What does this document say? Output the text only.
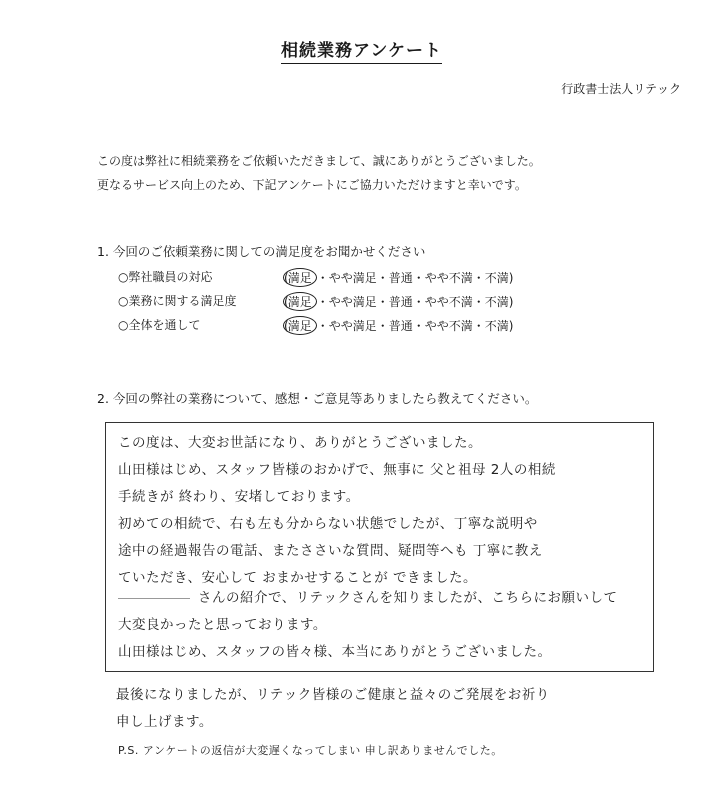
相続業務アンケート
行政書士法人リテック
この度は弊社に相続業務をご依頼いただきまして、誠にありがとうございました。
更なるサービス向上のため、下記アンケートにご協力いただけますと幸いです。
1. 今回のご依頼業務に関しての満足度をお聞かせください
○弊社職員の対応	(満足 ・やや満足・普通・やや不満・不満)
○業務に関する満足度	(満足 ・やや満足・普通・やや不満・不満)
○全体を通して	(満足 ・やや満足・普通・やや不満・不満)
2. 今回の弊社の業務について、感想・ご意見等ありましたら教えてください。
この度は、大変お世話になり、ありがとうございました。
山田様はじめ、スタッフ皆様のおかげで、無事に 父と祖母 2人の相続
手続きが 終わり、安堵しております。
初めての相続で、右も左も分からない状態でしたが、丁寧な説明や
途中の経過報告の電話、またささいな質問、疑問等へも 丁寧に教え
ていただき、安心して おまかせすることが できました。
さんの紹介で、リテックさんを知りましたが、こちらにお願いして
大変良かったと思っております。
山田様はじめ、スタッフの皆々様、本当にありがとうございました。
最後になりましたが、リテック皆様のご健康と益々のご発展をお祈り
申し上げます。
P.S. アンケートの返信が大変遅くなってしまい 申し訳ありませんでした。
